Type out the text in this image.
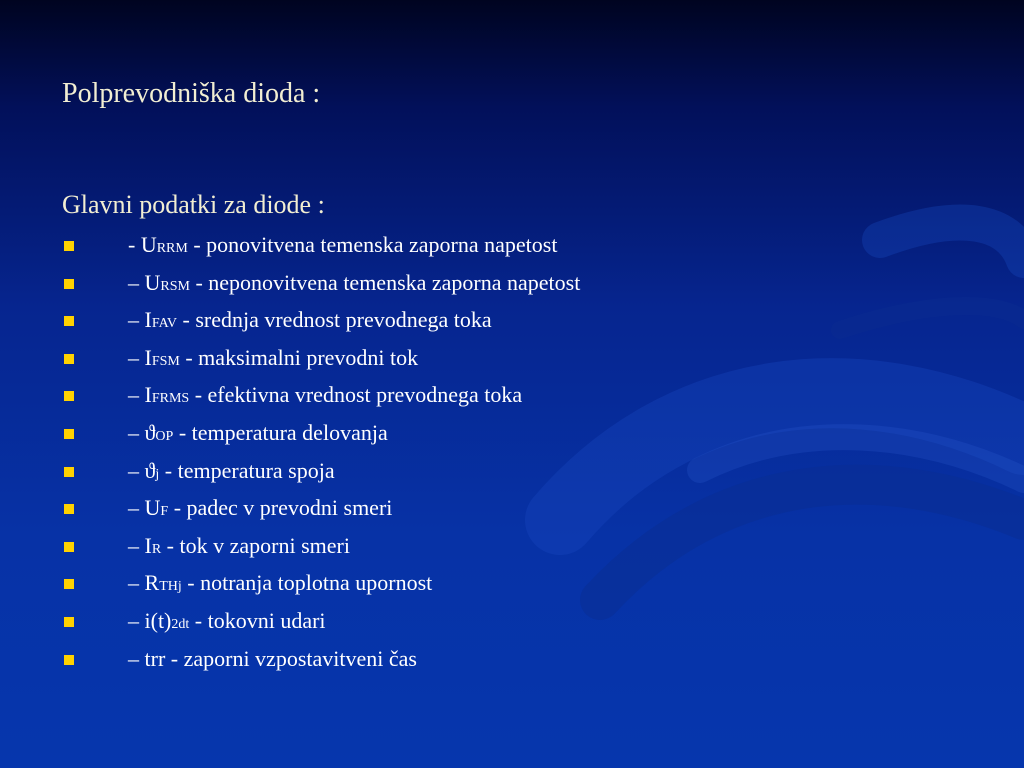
Polprevodniška dioda :
Glavni podatki za diode :
- URRM - ponovitvena temenska zaporna napetost
– URSM - neponovitvena temenska zaporna napetost
– IFAV - srednja vrednost prevodnega toka
– IFSM - maksimalni prevodni tok
– IFRMS - efektivna vrednost prevodnega toka
– ϑOP - temperatura delovanja
– ϑj - temperatura spoja
– UF - padec v prevodni smeri
– IR - tok v zaporni smeri
– RTHj - notranja toplotna upornost
– i(t)2dt - tokovni udari
– trr - zaporni vzpostavitveni čas
